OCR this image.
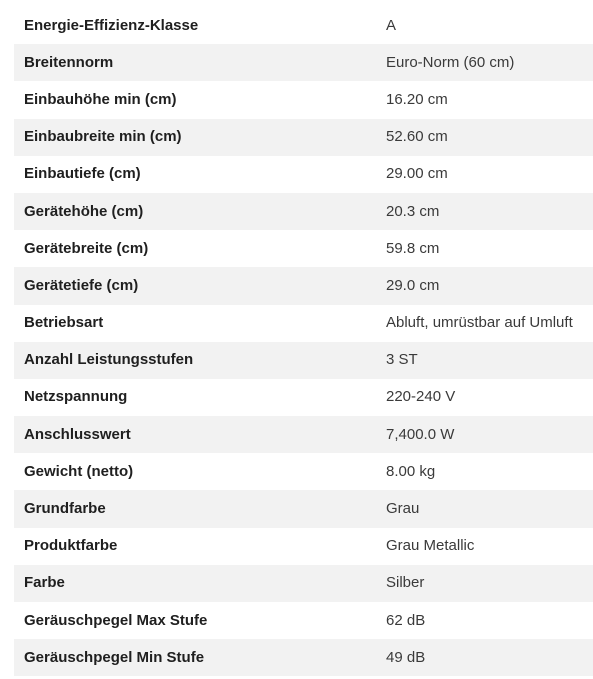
Energie-Effizienz-Klasse	A
Breitennorm	Euro-Norm (60 cm)
Einbauhöhe min (cm)	16.20 cm
Einbaubreite min (cm)	52.60 cm
Einbautiefe (cm)	29.00 cm
Gerätehöhe (cm)	20.3 cm
Gerätebreite (cm)	59.8 cm
Gerätetiefe (cm)	29.0 cm
Betriebsart	Abluft, umrüstbar auf Umluft
Anzahl Leistungsstufen	3 ST
Netzspannung	220-240 V
Anschlusswert	7,400.0 W
Gewicht (netto)	8.00 kg
Grundfarbe	Grau
Produktfarbe	Grau Metallic
Farbe	Silber
Geräuschpegel Max Stufe	62 dB
Geräuschpegel Min Stufe	49 dB
